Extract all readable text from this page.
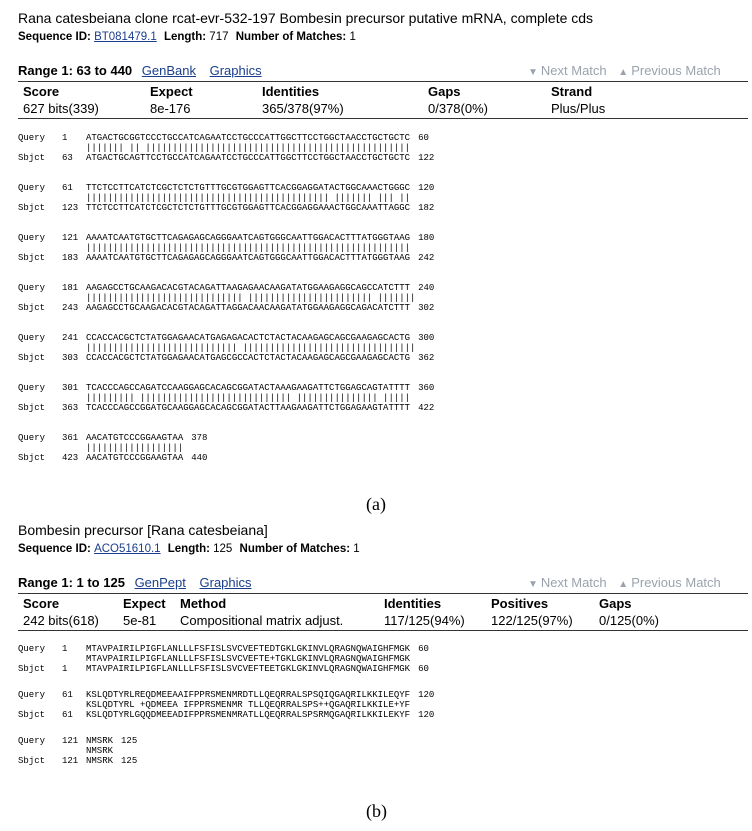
Rana catesbeiana clone rcat-evr-532-197 Bombesin precursor putative mRNA, complete cds
Sequence ID: BT081479.1 Length: 717 Number of Matches: 1
Range 1: 63 to 440 GenBank Graphics	▼ Next Match ▲ Previous Match
Score	Expect	Identities	Gaps	Strand
627 bits(339)	8e-176	365/378(97%)	0/378(0%)	Plus/Plus
Query 1 ATGACTGCGGTCCCTGCCATCAGAATCCTGCCCATTGGCTTCCTGGCTAACCTGCTGCTC 60
||||||| || |||||||||||||||||||||||||||||||||||||||||||||||||
Sbjct 63 ATGACTGCAGTTCCTGCCATCAGAATCCTGCCCATTGGCTTCCTGGCTAACCTGCTGCTC 122
Query 61 TTCTCCTTCATCTCGCTCTCTGTTTGCGTGGAGTTCACGGAGGATACTGGCAAACTGGGC 120
||||||||||||||||||||||||||||||||||||||||||||| ||||||| ||| ||
Sbjct 123 TTCTCCTTCATCTCGCTCTCTGTTTGCGTGGAGTTCACGGAGGAAACTGGCAAATTAGGC 182
Query 121 AAAATCAATGTGCTTCAGAGAGCAGGGAATCAGTGGGCAATTGGACACTTTATGGGTAAG 180
||||||||||||||||||||||||||||||||||||||||||||||||||||||||||||
Sbjct 183 AAAATCAATGTGCTTCAGAGAGCAGGGAATCAGTGGGCAATTGGACACTTTATGGGTAAG 242
Query 181 AAGAGCCTGCAAGACACGTACAGATTAAGAGAACAAGATATGGAAGAGGCAGCCATCTTT 240
||||||||||||||||||||||||||||| ||||||||||||||||||||||| |||||||
Sbjct 243 AAGAGCCTGCAAGACACGTACAGATTAGGACAACAAGATATGGAAGAGGCAGACATCTTT 302
Query 241 CCACCACGCTCTATGGAGAACATGAGAGACACTCTACTACAAGAGCAGCGAAGAGCACTG 300
|||||||||||||||||||||||||||| ||||||||||||||||||||||||||||||||
Sbjct 303 CCACCACGCTCTATGGAGAACATGAGCGCCACTCTACTACAAGAGCAGCGAAGAGCACTG 362
Query 301 TCACCCAGCCAGATCCAAGGAGCACAGCGGATACTAAAGAAGATTCTGGAGCAGTATTTT 360
||||||||| |||||||||||||||||||||||||||| ||||||||||||||| |||||
Sbjct 363 TCACCCAGCCGGATGCAAGGAGCACAGCGGATACTTAAGAAGATTCTGGAGAAGTATTTT 422
Query 361 AACATGTCCCGGAAGTAA 378
||||||||||||||||||
Sbjct 423 AACATGTCCCGGAAGTAA 440
(a)
Bombesin precursor [Rana catesbeiana]
Sequence ID: ACO51610.1 Length: 125 Number of Matches: 1
Range 1: 1 to 125 GenPept Graphics	▼ Next Match ▲ Previous Match
Score	Expect Method	Identities	Positives	Gaps
242 bits(618) 5e-81 Compositional matrix adjust.	117/125(94%) 122/125(97%) 0/125(0%)
Query 1 MTAVPAIRILPIGFLANLLLFSFISLSVCVEFTEDTGKLGKINVLQRAGNQWAIGHFMGK 60
MTAVPAIRILPIGFLANLLLFSFISLSVCVEFTE+TGKLGKINVLQRAGNQWAIGHFMGK
Sbjct 1 MTAVPAIRILPIGFLANLLLFSFISLSVCVEFTEETGKLGKINVLQRAGNQWAIGHFMGK 60
Query 61 KSLQDTYRLREQDMEEAAIFPPRSMENMRDTLLQEQRRALSPSQIQGAQRILKKILEQYF 120
KSLQDTYRL +QDMEEA IFPPRSMENMR TLLQEQRRALSPS++QGAQRILKKILE+YF
Sbjct 61 KSLQDTYRLGQQDMEEADIFPPRSMENMRATLLQEQRRALSPSRMQGAQRILKKILEKYF 120
Query 121 NMSRK 125
NMSRK
Sbjct 121 NMSRK 125
(b)
